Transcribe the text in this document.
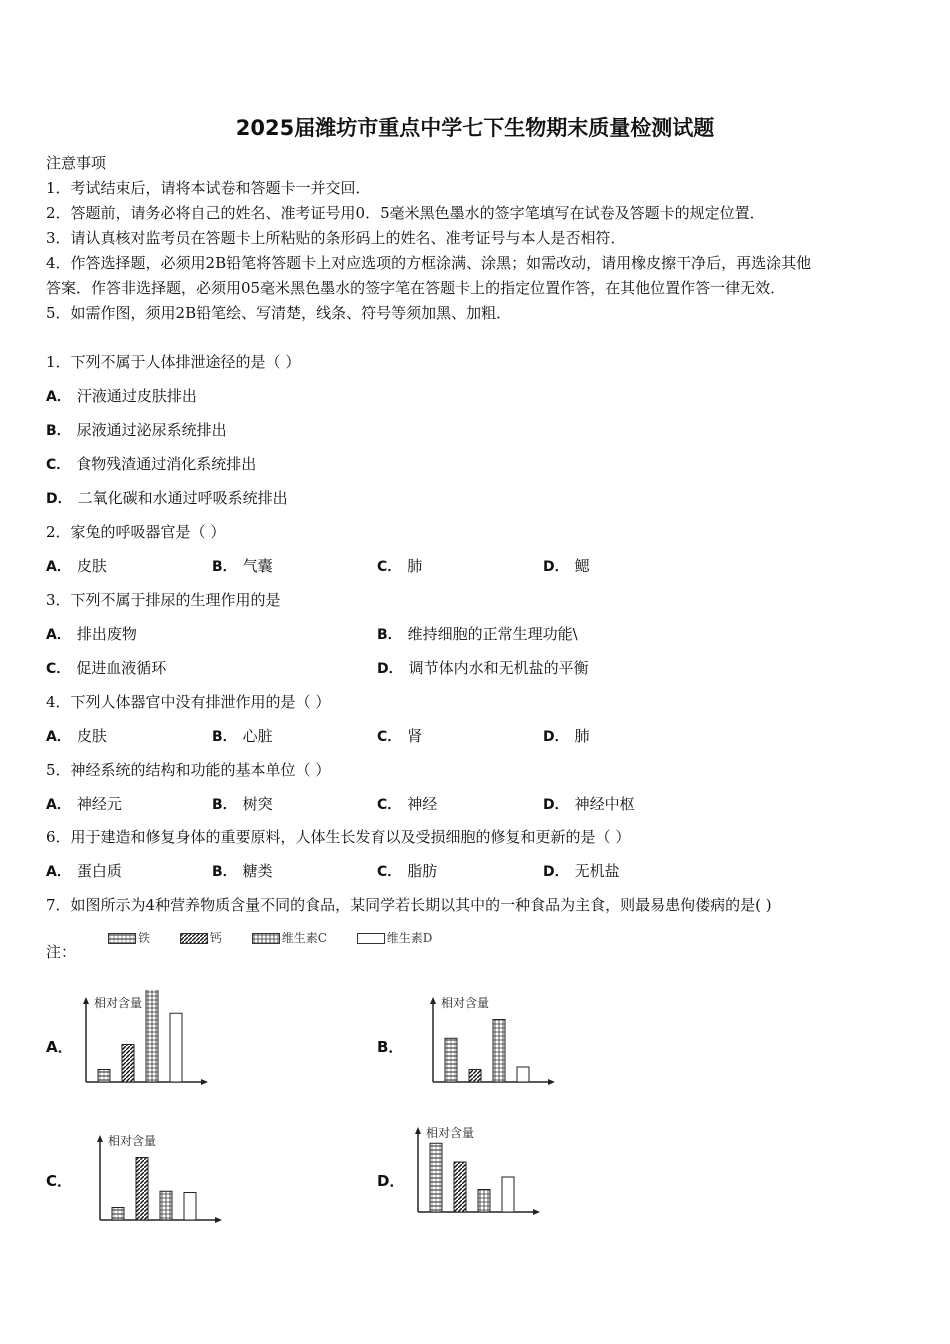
2025届潍坊市重点中学七下生物期末质量检测试题
注意事项
1．考试结束后，请将本试卷和答题卡一并交回．
2．答题前，请务必将自己的姓名、准考证号用0．5毫米黑色墨水的签字笔填写在试卷及答题卡的规定位置．
3．请认真核对监考员在答题卡上所粘贴的条形码上的姓名、准考证号与本人是否相符．
4．作答选择题，必须用2B铅笔将答题卡上对应选项的方框涂满、涂黑；如需改动，请用橡皮擦干净后，再选涂其他
答案．作答非选择题，必须用05毫米黑色墨水的签字笔在答题卡上的指定位置作答，在其他位置作答一律无效．
5．如需作图，须用2B铅笔绘、写清楚，线条、符号等须加黑、加粗．
1．下列不属于人体排泄途径的是（ ）
A． 汗液通过皮肤排出
B． 尿液通过泌尿系统排出
C． 食物残渣通过消化系统排出
D． 二氧化碳和水通过呼吸系统排出
2．家兔的呼吸器官是（ ）
A． 皮肤	B． 气囊	C． 肺	D． 鳃
3．下列不属于排尿的生理作用的是
A． 排出废物	B． 维持细胞的正常生理功能\
C． 促进血液循环	D． 调节体内水和无机盐的平衡
4．下列人体器官中没有排泄作用的是（ ）
A． 皮肤	B． 心脏	C． 肾	D． 肺
5．神经系统的结构和功能的基本单位（ ）
A． 神经元	B． 树突	C． 神经	D． 神经中枢
6．用于建造和修复身体的重要原料，人体生长发育以及受损细胞的修复和更新的是（ ）
A． 蛋白质	B． 糖类	C． 脂肪	D． 无机盐
7．如图所示为4种营养物质含量不同的食品，某同学若长期以其中的一种食品为主食，则最易患佝偻病的是( )
注：
铁	钙	维生素C	维生素D
A．	B．
C．	D．
相对含量	相对含量
相对含量
相对含量
